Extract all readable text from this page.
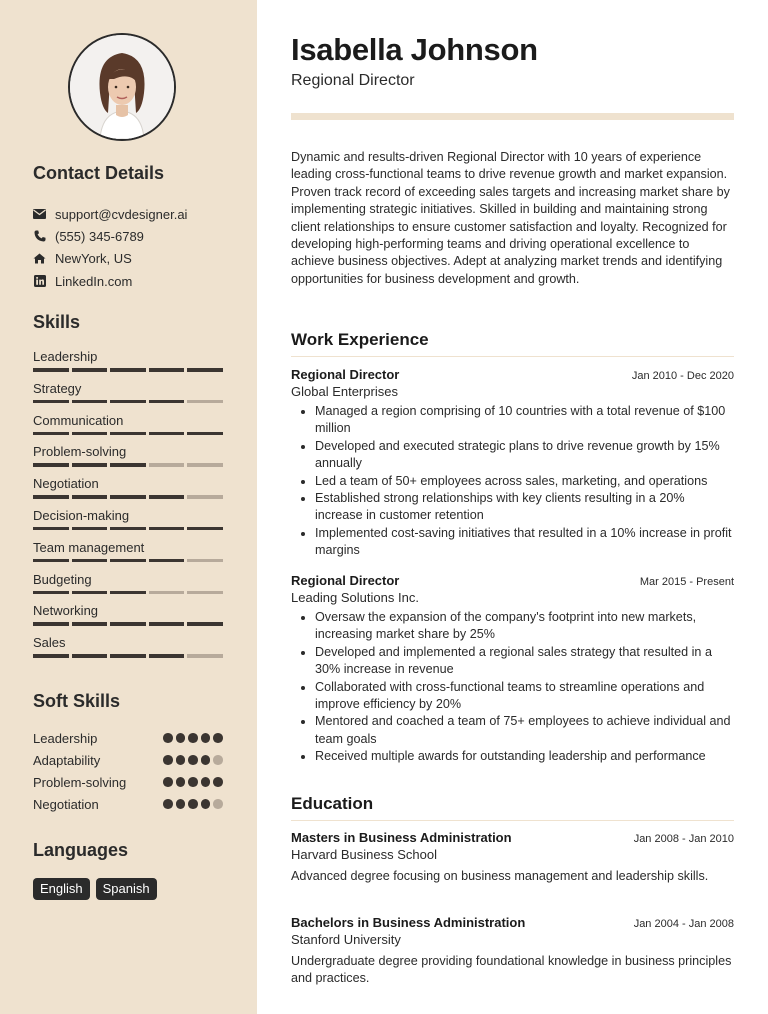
Contact Details
support@cvdesigner.ai
(555) 345-6789
NewYork, US
LinkedIn.com
Skills
Leadership
Strategy
Communication
Problem-solving
Negotiation
Decision-making
Team management
Budgeting
Networking
Sales
Soft Skills
Leadership
Adaptability
Problem-solving
Negotiation
Languages
English	Spanish
Isabella Johnson
Regional Director
Dynamic and results-driven Regional Director with 10 years of experience leading cross-functional teams to drive revenue growth and market expansion. Proven track record of exceeding sales targets and increasing market share by implementing strategic initiatives. Skilled in building and maintaining strong client relationships to ensure customer satisfaction and loyalty. Recognized for developing high-performing teams and driving operational excellence to achieve business objectives. Adept at analyzing market trends and identifying opportunities for business development and growth.
Work Experience
Regional Director	Jan 2010 - Dec 2020
Global Enterprises
• Managed a region comprising of 10 countries with a total revenue of $100 million
• Developed and executed strategic plans to drive revenue growth by 15% annually
• Led a team of 50+ employees across sales, marketing, and operations
• Established strong relationships with key clients resulting in a 20% increase in customer retention
• Implemented cost-saving initiatives that resulted in a 10% increase in profit margins
Regional Director	Mar 2015 - Present
Leading Solutions Inc.
• Oversaw the expansion of the company's footprint into new markets, increasing market share by 25%
• Developed and implemented a regional sales strategy that resulted in a 30% increase in revenue
• Collaborated with cross-functional teams to streamline operations and improve efficiency by 20%
• Mentored and coached a team of 75+ employees to achieve individual and team goals
• Received multiple awards for outstanding leadership and performance
Education
Masters in Business Administration	Jan 2008 - Jan 2010
Harvard Business School
Advanced degree focusing on business management and leadership skills.
Bachelors in Business Administration	Jan 2004 - Jan 2008
Stanford University
Undergraduate degree providing foundational knowledge in business principles and practices.
